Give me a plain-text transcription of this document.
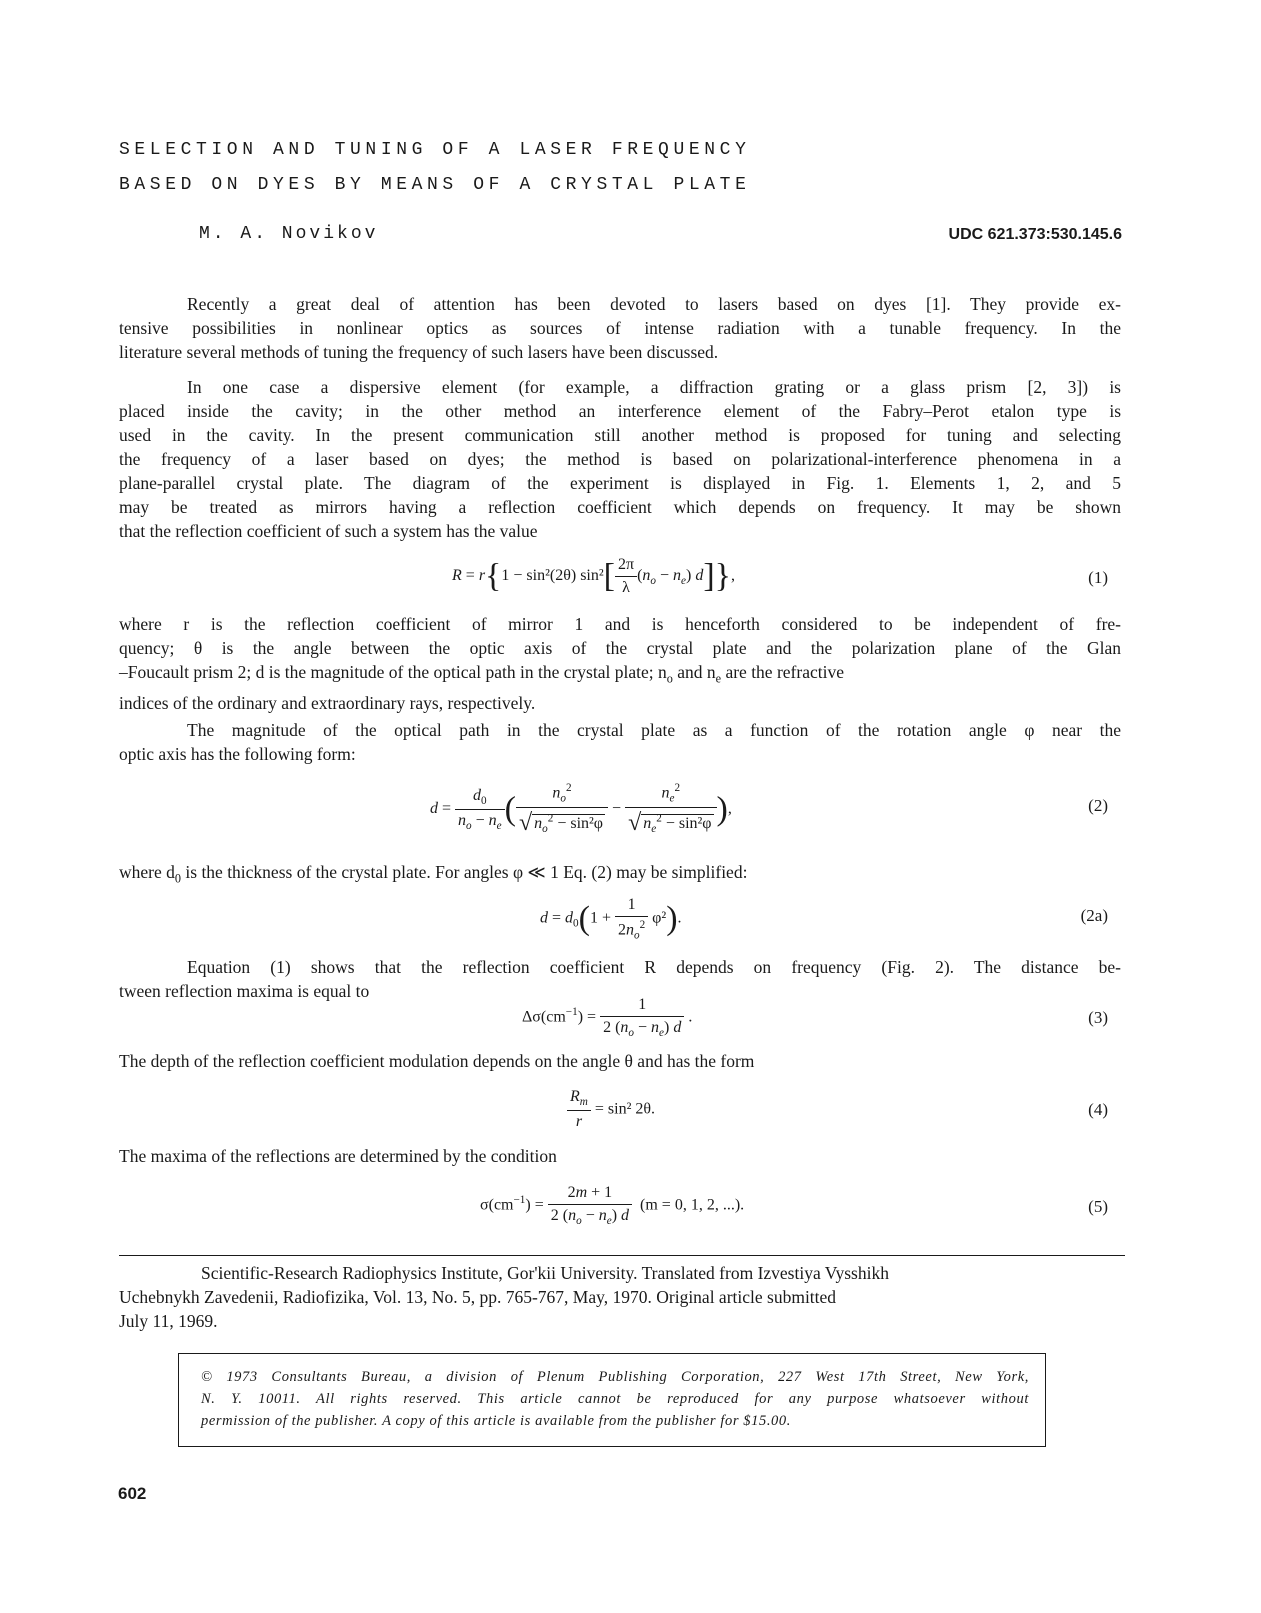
SELECTION AND TUNING OF A LASER FREQUENCY
BASED ON DYES BY MEANS OF A CRYSTAL PLATE
M. A. Novikov	UDC 621.373:530.145.6
Recently a great deal of attention has been devoted to lasers based on dyes [1]. They provide ex-
tensive possibilities in nonlinear optics as sources of intense radiation with a tunable frequency. In the
literature several methods of tuning the frequency of such lasers have been discussed.
In one case a dispersive element (for example, a diffraction grating or a glass prism [2, 3]) is
placed inside the cavity; in the other method an interference element of the Fabry–Perot etalon type is
used in the cavity. In the present communication still another method is proposed for tuning and selecting
the frequency of a laser based on dyes; the method is based on polarizational-interference phenomena in a
plane-parallel crystal plate. The diagram of the experiment is displayed in Fig. 1. Elements 1, 2, and 5
may be treated as mirrors having a reflection coefficient which depends on frequency. It may be shown
that the reflection coefficient of such a system has the value
R = r{1 − sin²(2θ) $\sin^2[ \frac{2\pi}{\lambda} (n_o - n_e)$ d]},	(1)
where r is the reflection coefficient of mirror 1 and is henceforth considered to be independent of fre-
quency; θ is the angle between the optic axis of the crystal plate and the polarization plane of the Glan
–Foucault prism 2; d is the magnitude of the optical path in the crystal plate; $n_o$ and $n_e$ are the refractive
indices of the ordinary and extraordinary rays, respectively.
The magnitude of the optical path in the crystal plate as a function of the rotation angle φ near the
optic axis has the following form:
$d = \frac{d_0}{n_o - n_e}$ ( $\frac{n_o^2}{√ n_o^2 - \sin^2\varphi} - \frac{n_e^2}{√ n_e^2 - \sin^2\varphi}$ ),	(2)
where $d_0$ is the thickness of the crystal plate. For angles φ ≪ 1 Eq. (2) may be simplified:
$d = d_0(1 + \frac{1}{2n_o^2} \varphi^2)$.	(2a)
Equation (1) shows that the reflection coefficient R depends on frequency (Fig. 2). The distance be-
tween reflection maxima is equal to
$\Delta\sigma(cm^{-1}) = \frac{1}{2 (n_o - n_e) d}$ .	(3)
The depth of the reflection coefficient modulation depends on the angle θ and has the form
$\frac{R_m}{r} = \sin^2$ 2θ.	(4)
The maxima of the reflections are determined by the condition
$\sigma(cm^{-1}) = \frac{2m + 1}{2 (n_o - n_e) d} (m = 0$, 1, 2, ...).	(5)
Scientific-Research Radiophysics Institute, Gor'kii University. Translated from Izvestiya Vysshikh
Uchebnykh Zavedenii, Radiofizika, Vol. 13, No. 5, pp. 765-767, May, 1970. Original article submitted
July 11, 1969.
© 1973 Consultants Bureau, a division of Plenum Publishing Corporation, 227 West 17th Street, New York,
N. Y. 10011. All rights reserved. This article cannot be reproduced for any purpose whatsoever without
permission of the publisher. A copy of this article is available from the publisher for $15.00.
602
